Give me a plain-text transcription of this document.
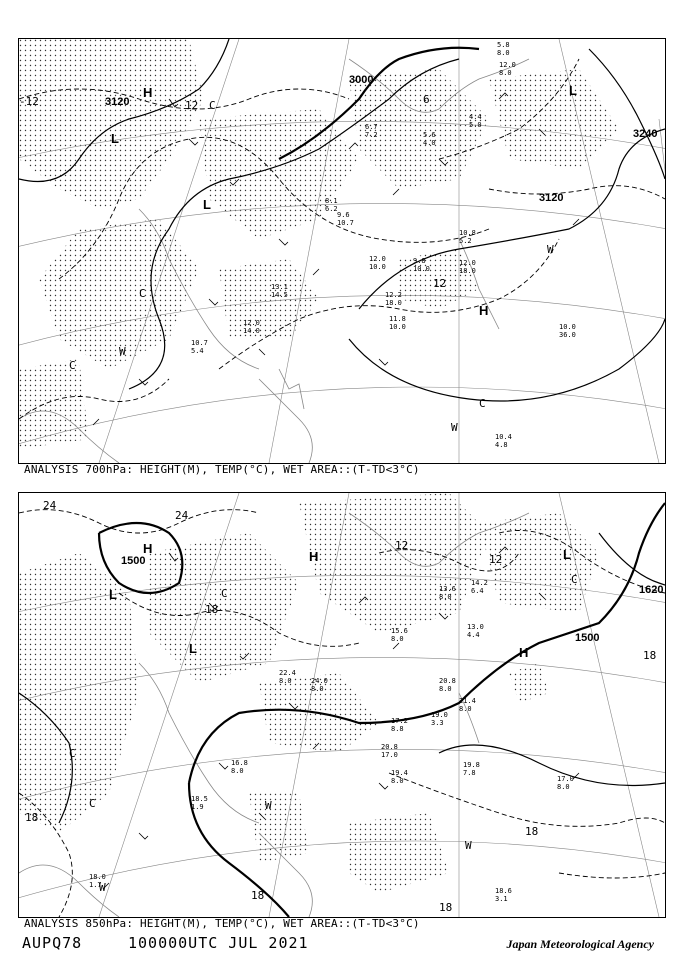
3120
3000
3240
3120
12	6
12
-12
H
L
L
L
H
C
C
W
W
C
W
C
10.8
5.2
9.6
10.7
12.0
10.0
11.8
10.0
12.2
18.0
10.0
36.0
10.4
4.8
10.7
5.4
12.0
14.0
13.1
14.5
6.7
7.2	5.6
4.0
4.4
5.0
5.8
8.0
12.0
8.0
9.8
10.0
12.0
18.0
8.1
6.2
ANALYSIS 700hPa: HEIGHT(M), TEMP(°C), WET AREA::(T-TD<3°C)
1500
1500
1620
24
24
18
12
12
18
18
18
18
18
H
L
L
H
H
L
C
C
C
W
W
W
C
20.8
17.0
19.4
8.0
19.8
7.8
17.0
8.0
18.5
1.9
18.6
3.1
18.0
1.7
16.8
8.0
20.8
8.0
21.4
8.0
19.0
3.3
17.2
8.8
13.0
4.4
14.2
6.4
13.6
8.0
15.6
8.0
24.0
8.0
22.4
8.0
ANALYSIS 850hPa: HEIGHT(M), TEMP(°C), WET AREA::(T-TD<3°C)
AUPQ78	100000UTC JUL 2021	Japan Meteorological Agency
